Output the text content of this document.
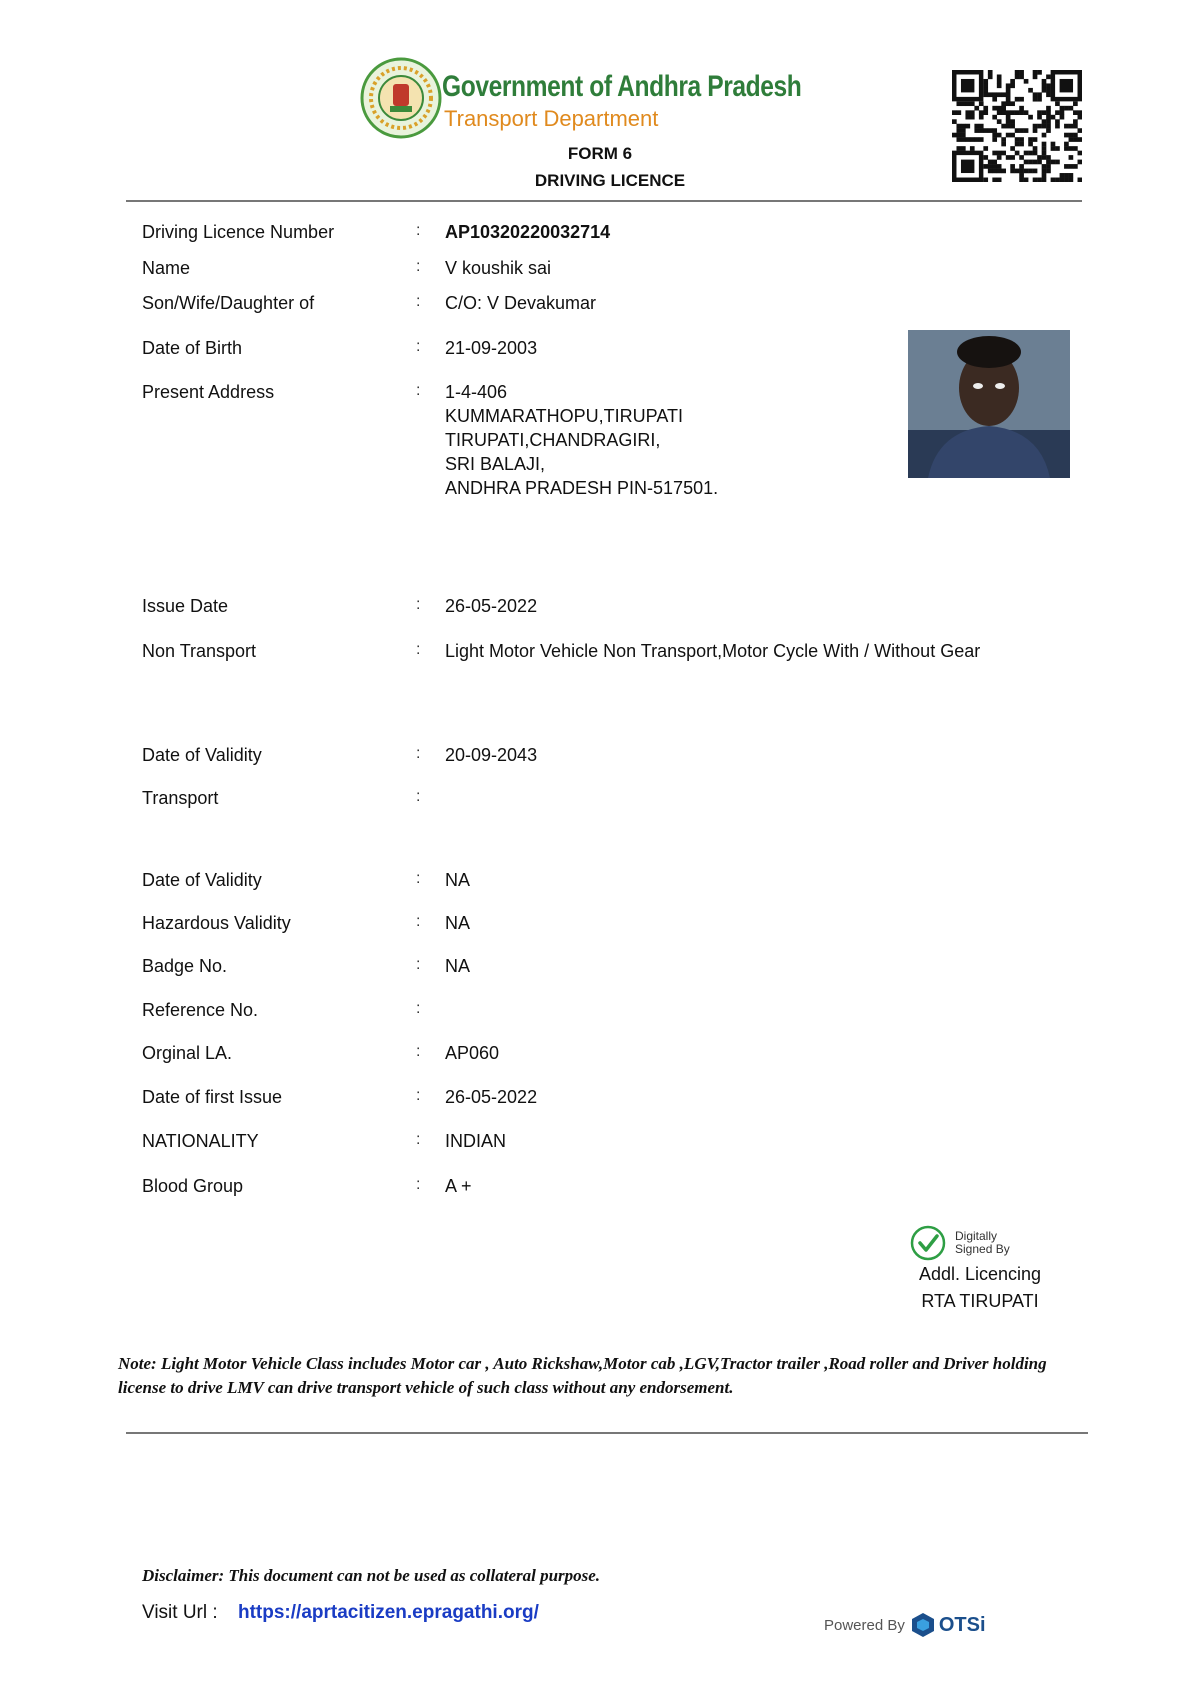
Government of Andhra Pradesh
Transport Department
FORM 6
DRIVING LICENCE
Driving Licence Number	: AP10320220032714
Name	: V koushik sai
Son/Wife/Daughter of	: C/O: V Devakumar
Date of Birth	: 21-09-2003
Present Address	: 1-4-406
KUMMARATHOPU,TIRUPATI
TIRUPATI,CHANDRAGIRI,
SRI BALAJI,
ANDHRA PRADESH PIN-517501.
Issue Date	: 26-05-2022
Non Transport	: Light Motor Vehicle Non Transport,Motor Cycle With / Without Gear
Date of Validity	: 20-09-2043
Transport	:
Date of Validity	: NA
Hazardous Validity	: NA
Badge No.	: NA
Reference No.	:
Orginal LA.	: AP060
Date of first Issue	: 26-05-2022
NATIONALITY	: INDIAN
Blood Group	: A +
Digitally
Signed By
Addl. Licencing
RTA TIRUPATI
Note: Light Motor Vehicle Class includes Motor car , Auto Rickshaw,Motor cab ,LGV,Tractor trailer ,Road roller and Driver holding license to drive LMV can drive transport vehicle of such class without any endorsement.
Disclaimer: This document can not be used as collateral purpose.
Visit Url : https://aprtacitizen.epragathi.org/
Powered By OTSi
